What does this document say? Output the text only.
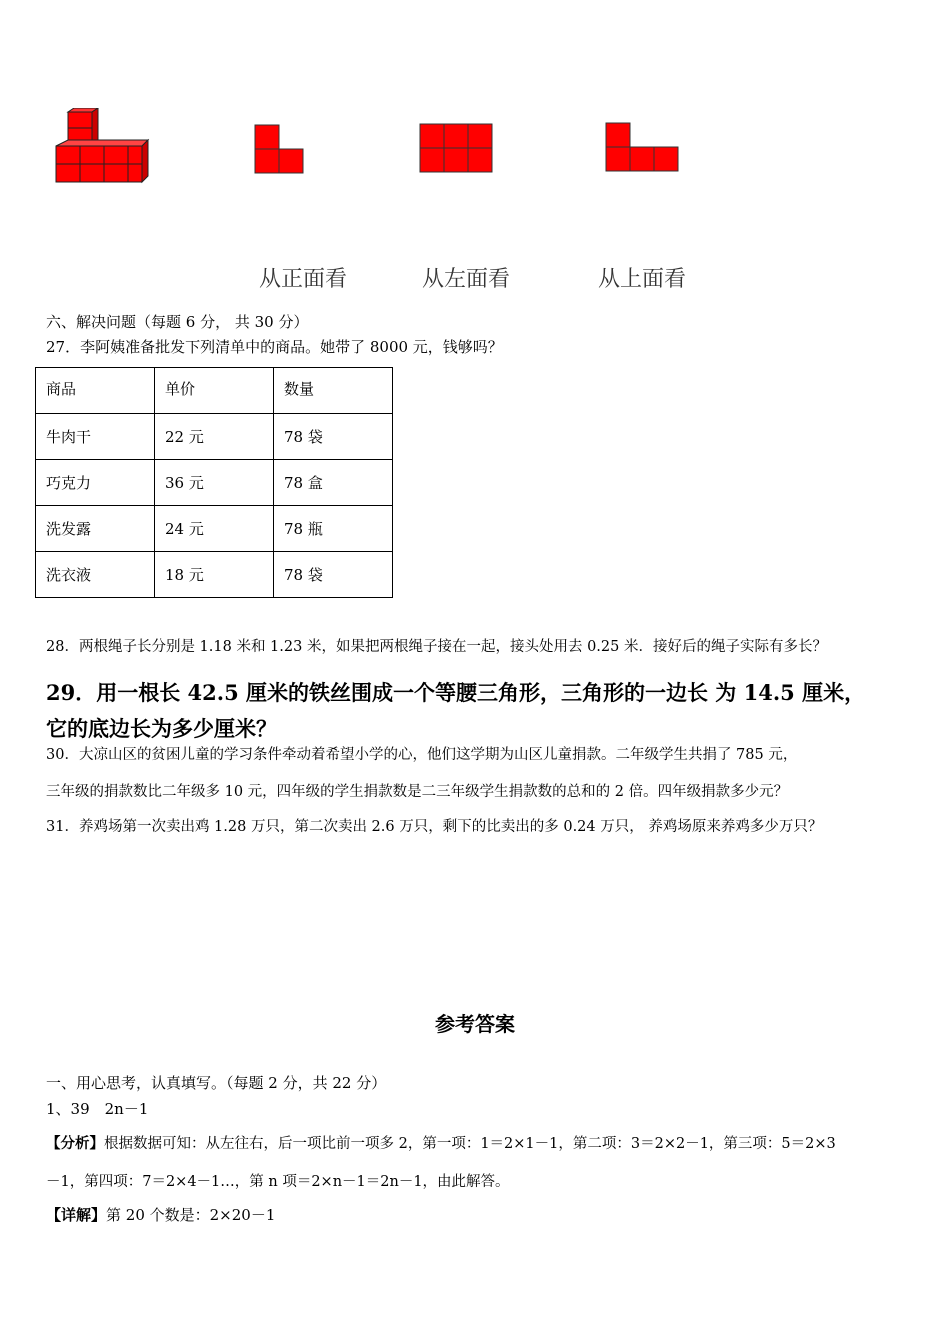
从正面看	从左面看	从上面看
六、解决问题（每题 6 分， 共 30 分）
27．李阿姨准备批发下列清单中的商品。她带了 8000 元，钱够吗？
商品	单价	数量
牛肉干	22 元	78 袋
巧克力	36 元	78 盒
洗发露	24 元	78 瓶
洗衣液	18 元	78 袋
28．两根绳子长分别是 1.18 米和 1.23 米，如果把两根绳子接在一起，接头处用去 0.25 米．接好后的绳子实际有多长？
29．用一根长 42.5 厘米的铁丝围成一个等腰三角形，三角形的一边长 为 14.5 厘米，
它的底边长为多少厘米？
30．大凉山区的贫困儿童的学习条件牵动着希望小学的心，他们这学期为山区儿童捐款。二年级学生共捐了 785 元，
三年级的捐款数比二年级多 10 元，四年级的学生捐款数是二三年级学生捐款数的总和的 2 倍。四年级捐款多少元？
31．养鸡场第一次卖出鸡 1.28 万只，第二次卖出 2.6 万只，剩下的比卖出的多 0.24 万只， 养鸡场原来养鸡多少万只？
参考答案
一、用心思考，认真填写。（每题 2 分，共 22 分）
1、39　2n－1
【分析】根据数据可知：从左往右，后一项比前一项多 2，第一项：1＝2×1－1，第二项：3＝2×2－1，第三项：5＝2×3
－1，第四项：7＝2×4－1…，第 n 项＝2×n－1＝2n－1，由此解答。
【详解】第 20 个数是：2×20－1
